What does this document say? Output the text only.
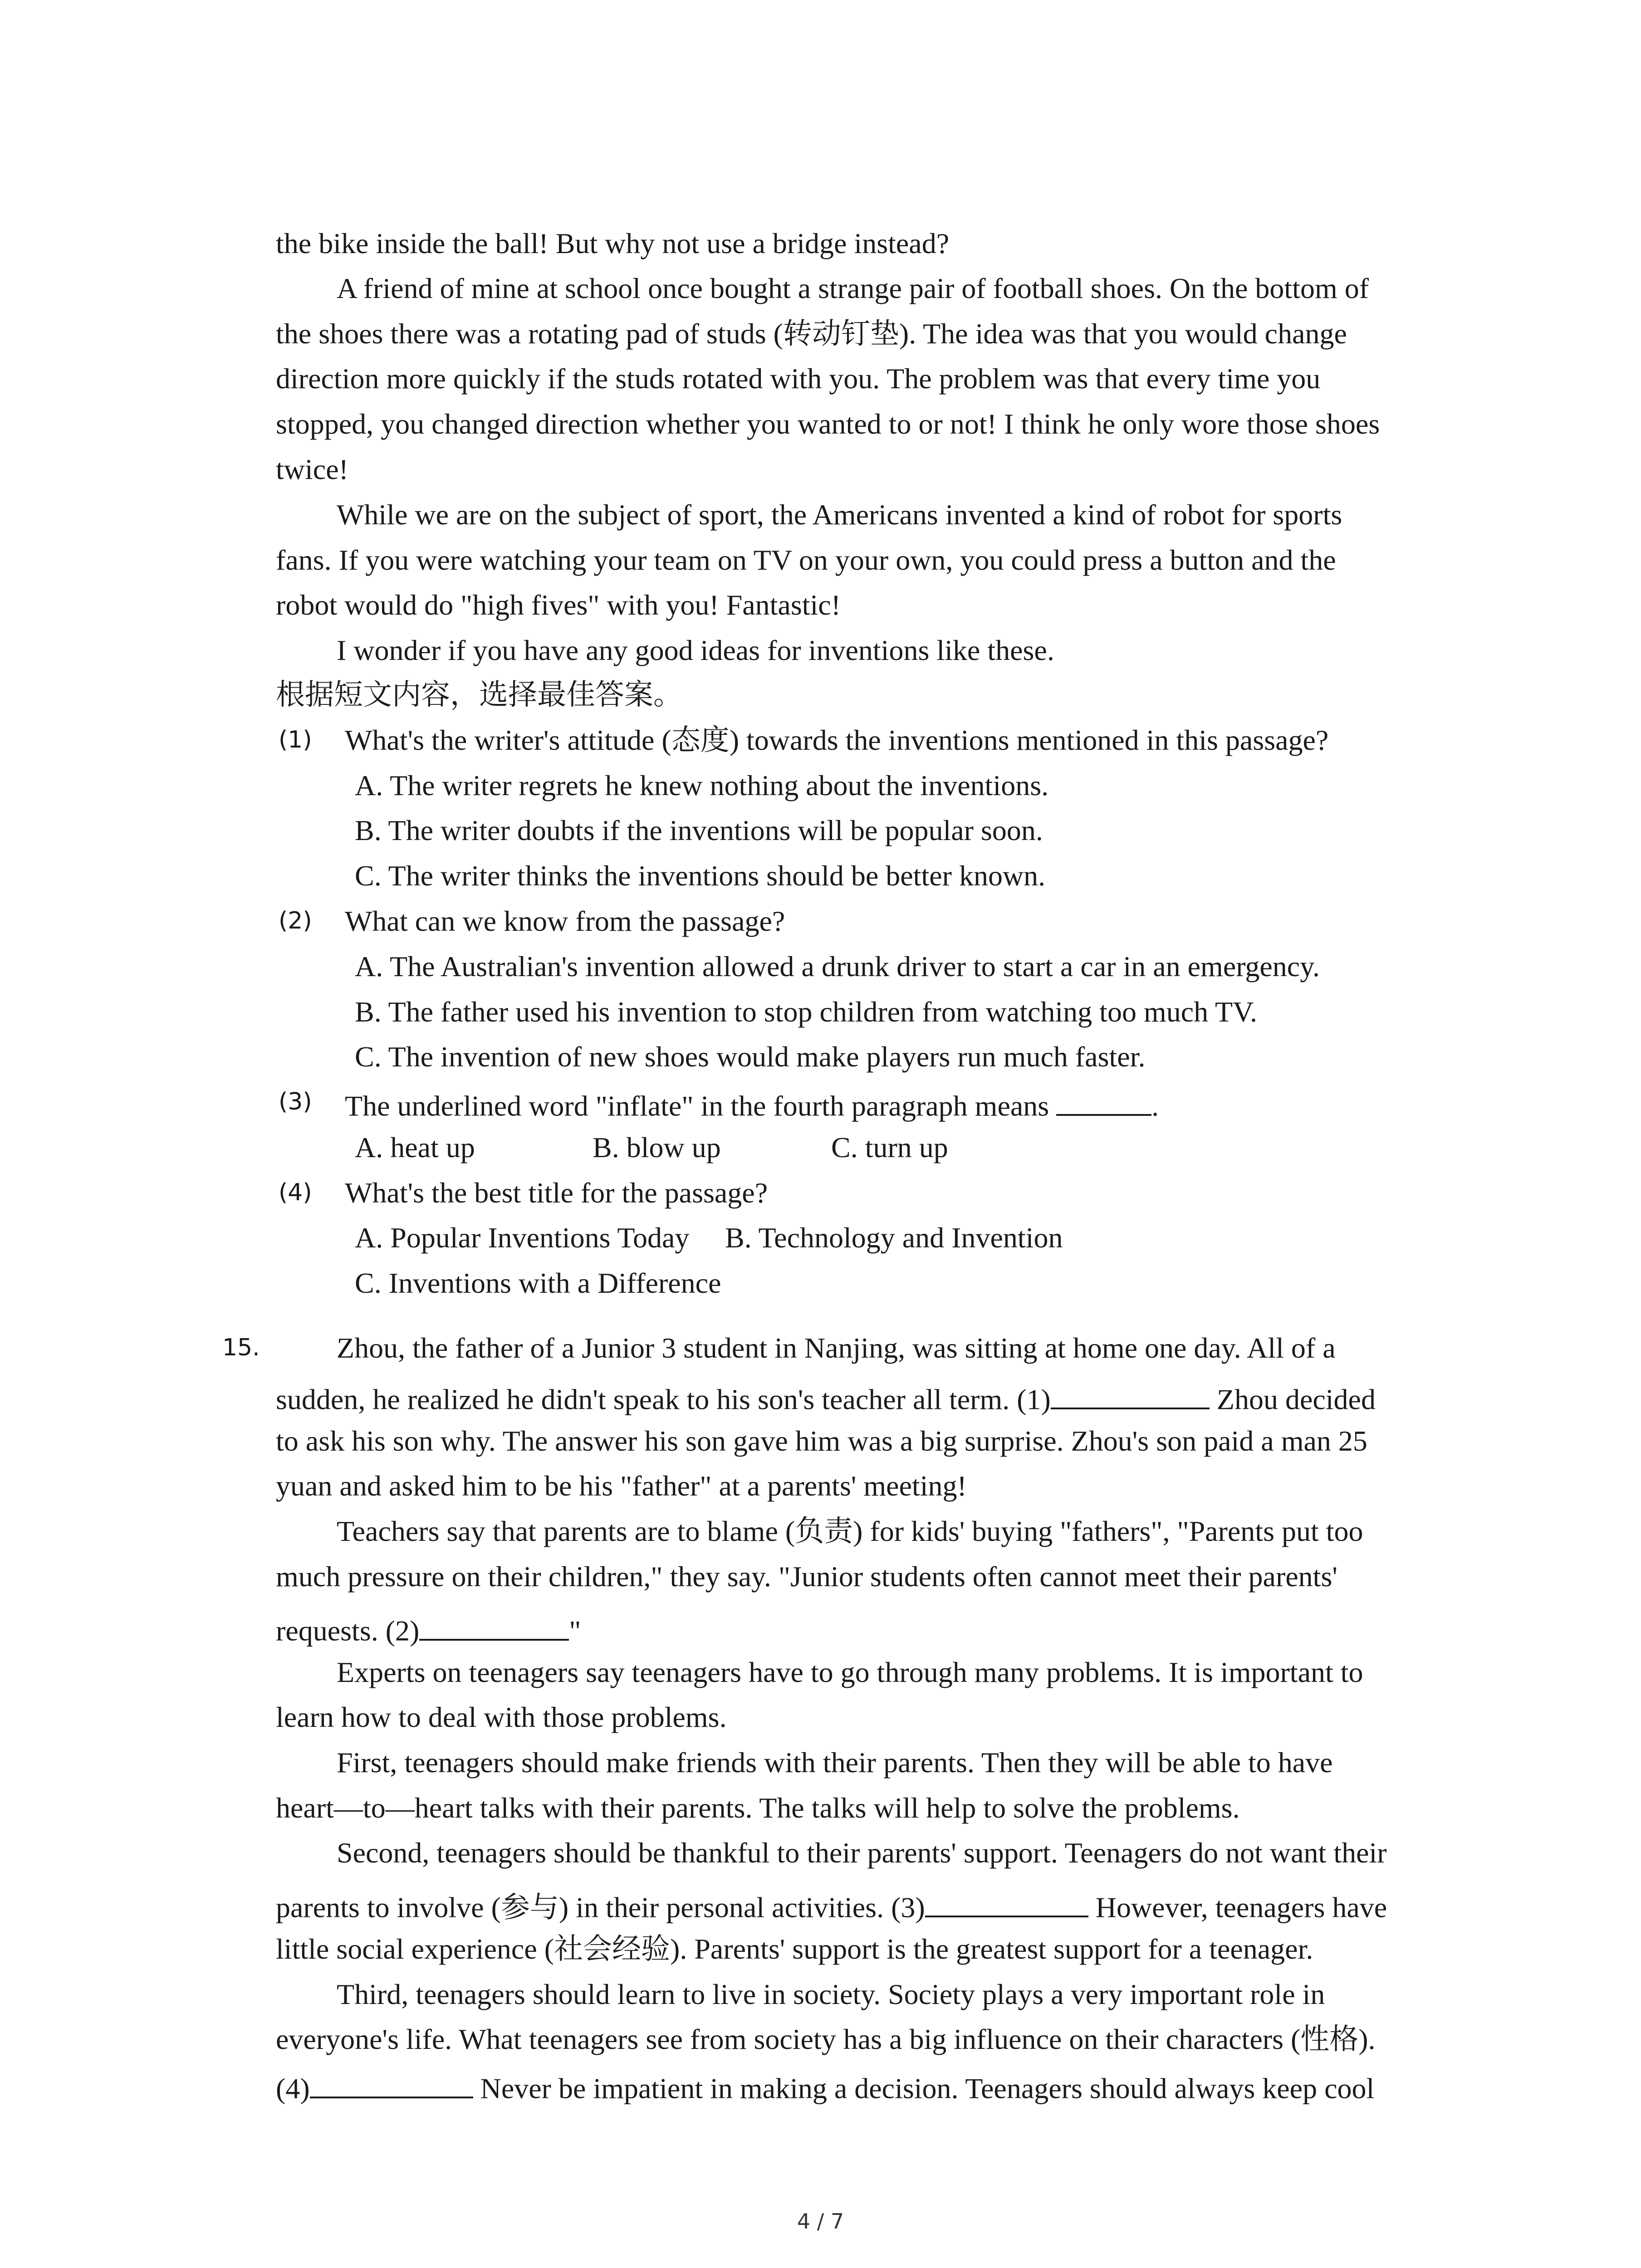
the bike inside the ball! But why not use a bridge instead?
A friend of mine at school once bought a strange pair of football shoes. On the bottom of
the shoes there was a rotating pad of studs (转动钉垫). The idea was that you would change
direction more quickly if the studs rotated with you. The problem was that every time you
stopped, you changed direction whether you wanted to or not! I think he only wore those shoes
twice!
While we are on the subject of sport, the Americans invented a kind of robot for sports
fans. If you were watching your team on TV on your own, you could press a button and the
robot would do "high fives" with you! Fantastic!
I wonder if you have any good ideas for inventions like these.
根据短文内容，选择最佳答案。
(1) What's the writer's attitude (态度) towards the inventions mentioned in this passage?
A. The writer regrets he knew nothing about the inventions.
B. The writer doubts if the inventions will be popular soon.
C. The writer thinks the inventions should be better known.
(2) What can we know from the passage?
A. The Australian's invention allowed a drunk driver to start a car in an emergency.
B. The father used his invention to stop children from watching too much TV.
C. The invention of new shoes would make players run much faster.
(3) The underlined word "inflate" in the fourth paragraph means	.
A. heat up	B. blow up	C. turn up
(4) What's the best title for the passage?
A. Popular Inventions Today B. Technology and Invention
C. Inventions with a Difference
15.	Zhou, the father of a Junior 3 student in Nanjing, was sitting at home one day. All of a
sudden, he realized he didn't speak to his son's teacher all term. (1)	Zhou decided
to ask his son why. The answer his son gave him was a big surprise. Zhou's son paid a man 25
yuan and asked him to be his "father" at a parents' meeting!
Teachers say that parents are to blame (负责) for kids' buying "fathers", "Parents put too
much pressure on their children," they say. "Junior students often cannot meet their parents'
requests. (2)	"
Experts on teenagers say teenagers have to go through many problems. It is important to
learn how to deal with those problems.
First, teenagers should make friends with their parents. Then they will be able to have
heart—to—heart talks with their parents. The talks will help to solve the problems.
Second, teenagers should be thankful to their parents' support. Teenagers do not want their
parents to involve (参与) in their personal activities. (3)	However, teenagers have
little social experience (社会经验). Parents' support is the greatest support for a teenager.
Third, teenagers should learn to live in society. Society plays a very important role in
everyone's life. What teenagers see from society has a big influence on their characters (性格).
(4)	Never be impatient in making a decision. Teenagers should always keep cool
4 / 7
